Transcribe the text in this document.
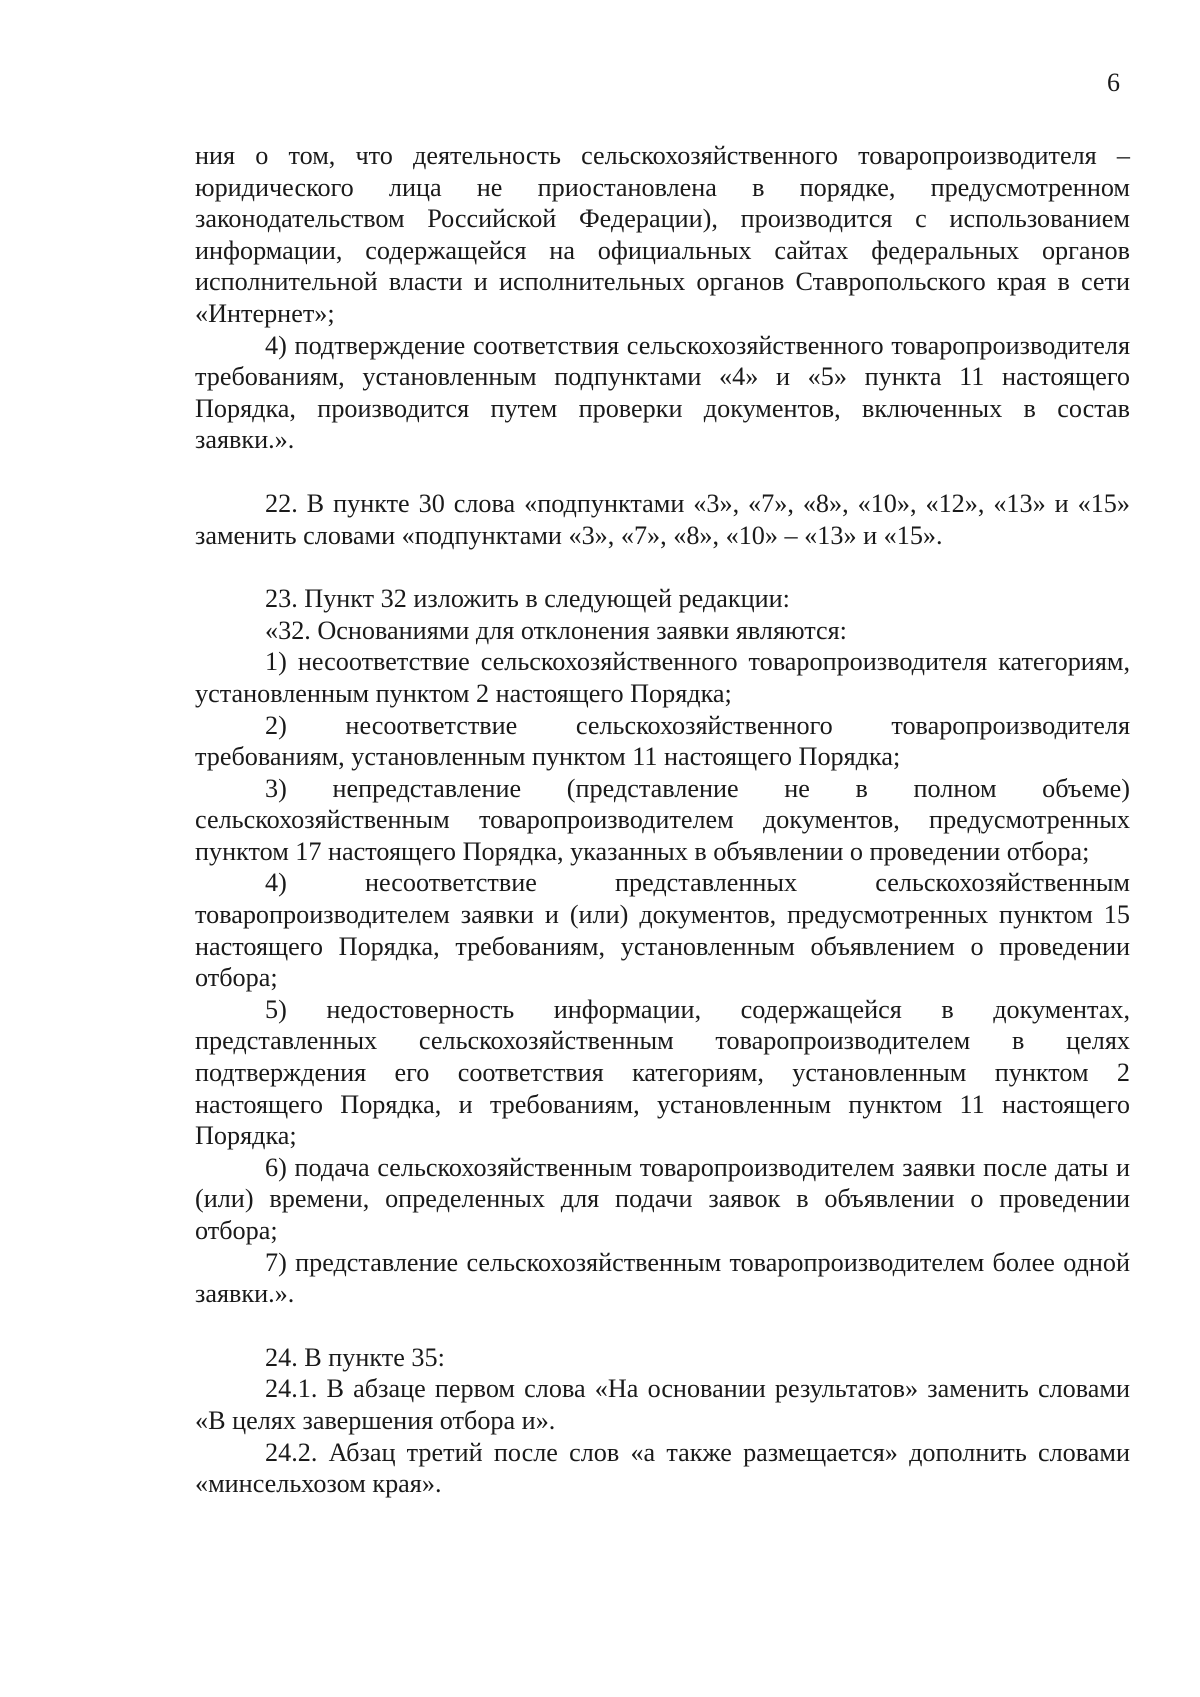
6

ния о том, что деятельность сельскохозяйственного товаропроизводителя – юридического лица не приостановлена в порядке, предусмотренном законодательством Российской Федерации), производится с использованием информации, содержащейся на официальных сайтах федеральных органов исполнительной власти и исполнительных органов Ставропольского края в сети «Интернет»;

4) подтверждение соответствия сельскохозяйственного товаропроизводителя требованиям, установленным подпунктами «4» и «5» пункта 11 настоящего Порядка, производится путем проверки документов, включенных в состав заявки.».

22. В пункте 30 слова «подпунктами «3», «7», «8», «10», «12», «13» и «15» заменить словами «подпунктами «3», «7», «8», «10» – «13» и «15».

23. Пункт 32 изложить в следующей редакции:

«32. Основаниями для отклонения заявки являются:

1) несоответствие сельскохозяйственного товаропроизводителя категориям, установленным пунктом 2 настоящего Порядка;

2) несоответствие сельскохозяйственного товаропроизводителя требованиям, установленным пунктом 11 настоящего Порядка;

3) непредставление (представление не в полном объеме) сельскохозяйственным товаропроизводителем документов, предусмотренных пунктом 17 настоящего Порядка, указанных в объявлении о проведении отбора;

4) несоответствие представленных сельскохозяйственным товаропроизводителем заявки и (или) документов, предусмотренных пунктом 15 настоящего Порядка, требованиям, установленным объявлением о проведении отбора;

5) недостоверность информации, содержащейся в документах, представленных сельскохозяйственным товаропроизводителем в целях подтверждения его соответствия категориям, установленным пунктом 2 настоящего Порядка, и требованиям, установленным пунктом 11 настоящего Порядка;

6) подача сельскохозяйственным товаропроизводителем заявки после даты и (или) времени, определенных для подачи заявок в объявлении о проведении отбора;

7) представление сельскохозяйственным товаропроизводителем более одной заявки.».

24. В пункте 35:

24.1. В абзаце первом слова «На основании результатов» заменить словами «В целях завершения отбора и».

24.2. Абзац третий после слов «а также размещается» дополнить словами «минсельхозом края».
